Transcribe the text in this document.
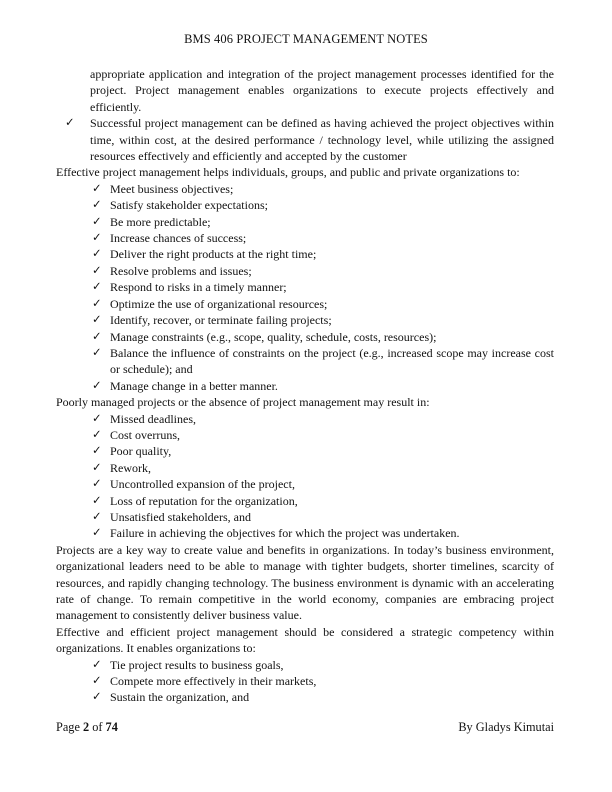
BMS 406 PROJECT MANAGEMENT NOTES
appropriate application and integration of the project management processes identified for the project. Project management enables organizations to execute projects effectively and efficiently.
✓ Successful project management can be defined as having achieved the project objectives within time, within cost, at the desired performance / technology level, while utilizing the assigned resources effectively and efficiently and accepted by the customer
Effective project management helps individuals, groups, and public and private organizations to:
✓ Meet business objectives;
✓ Satisfy stakeholder expectations;
✓ Be more predictable;
✓ Increase chances of success;
✓ Deliver the right products at the right time;
✓ Resolve problems and issues;
✓ Respond to risks in a timely manner;
✓ Optimize the use of organizational resources;
✓ Identify, recover, or terminate failing projects;
✓ Manage constraints (e.g., scope, quality, schedule, costs, resources);
✓ Balance the influence of constraints on the project (e.g., increased scope may increase cost or schedule); and
✓ Manage change in a better manner.
Poorly managed projects or the absence of project management may result in:
✓ Missed deadlines,
✓ Cost overruns,
✓ Poor quality,
✓ Rework,
✓ Uncontrolled expansion of the project,
✓ Loss of reputation for the organization,
✓ Unsatisfied stakeholders, and
✓ Failure in achieving the objectives for which the project was undertaken.
Projects are a key way to create value and benefits in organizations. In today’s business environment, organizational leaders need to be able to manage with tighter budgets, shorter timelines, scarcity of resources, and rapidly changing technology. The business environment is dynamic with an accelerating rate of change. To remain competitive in the world economy, companies are embracing project management to consistently deliver business value.
Effective and efficient project management should be considered a strategic competency within organizations. It enables organizations to:
✓ Tie project results to business goals,
✓ Compete more effectively in their markets,
✓ Sustain the organization, and
Page 2 of 74	By Gladys Kimutai
